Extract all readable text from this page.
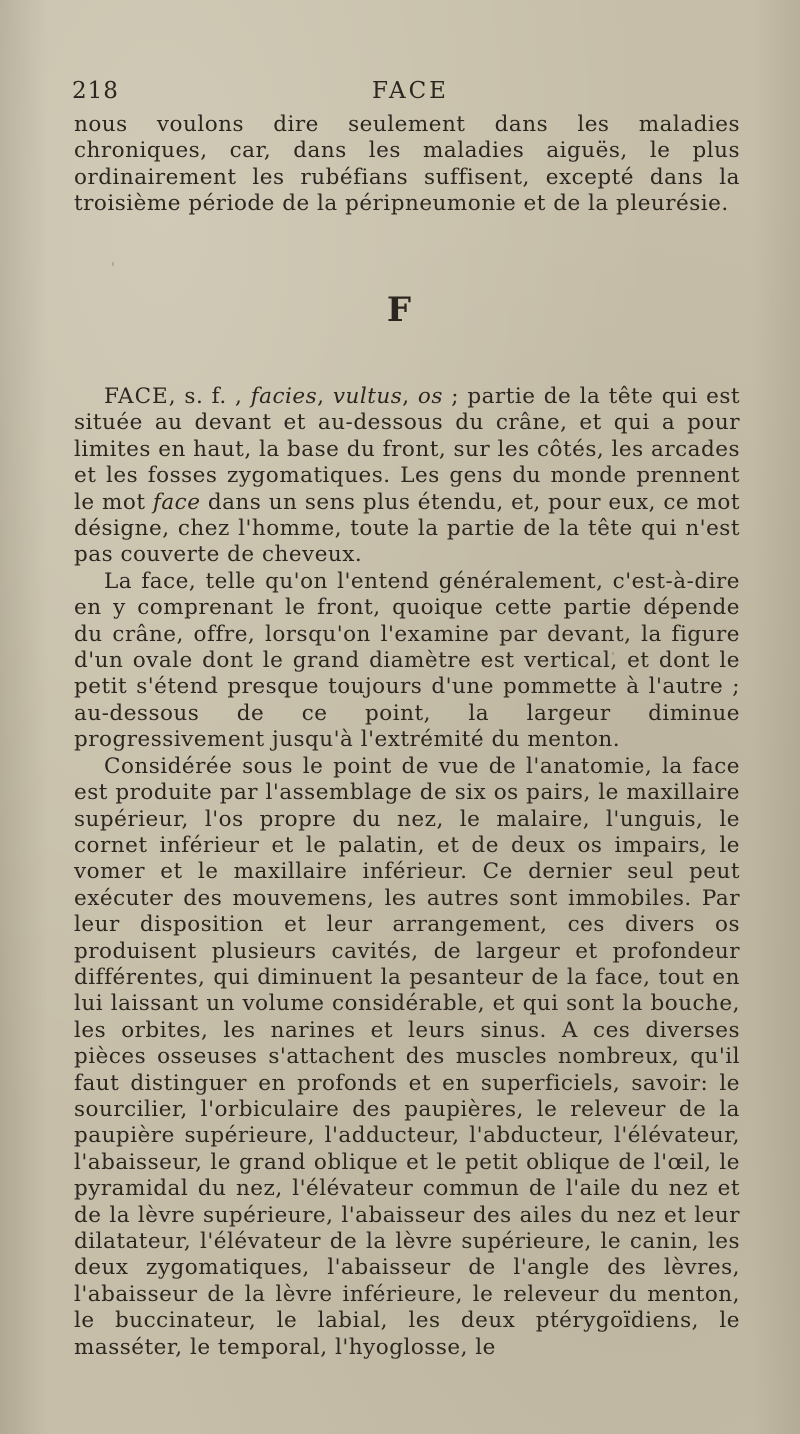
218	FACE

nous voulons dire seulement dans les maladies chroniques, car, dans les maladies aiguës, le plus ordinairement les rubéfians suffisent, excepté dans la troisième période de la péripneumonie et de la pleurésie.

F

FACE, s. f. , facies, vultus, os ; partie de la tête qui est située au devant et au-dessous du crâne, et qui a pour limites en haut, la base du front, sur les côtés, les arcades et les fosses zygomatiques. Les gens du monde prennent le mot face dans un sens plus étendu, et, pour eux, ce mot désigne, chez l'homme, toute la partie de la tête qui n'est pas couverte de cheveux.

La face, telle qu'on l'entend généralement, c'est-à-dire en y comprenant le front, quoique cette partie dépende du crâne, offre, lorsqu'on l'examine par devant, la figure d'un ovale dont le grand diamètre est vertical, et dont le petit s'étend presque toujours d'une pommette à l'autre ; au-dessous de ce point, la largeur diminue progressivement jusqu'à l'extrémité du menton.

Considérée sous le point de vue de l'anatomie, la face est produite par l'assemblage de six os pairs, le maxillaire supérieur, l'os propre du nez, le malaire, l'unguis, le cornet inférieur et le palatin, et de deux os impairs, le vomer et le maxillaire inférieur. Ce dernier seul peut exécuter des mouvemens, les autres sont immobiles. Par leur disposition et leur arrangement, ces divers os produisent plusieurs cavités, de largeur et profondeur différentes, qui diminuent la pesanteur de la face, tout en lui laissant un volume considérable, et qui sont la bouche, les orbites, les narines et leurs sinus. A ces diverses pièces osseuses s'attachent des muscles nombreux, qu'il faut distinguer en profonds et en superficiels, savoir: le sourcilier, l'orbiculaire des paupières, le releveur de la paupière supérieure, l'adducteur, l'abducteur, l'élévateur, l'abaisseur, le grand oblique et le petit oblique de l'œil, le pyramidal du nez, l'élévateur commun de l'aile du nez et de la lèvre supérieure, l'abaisseur des ailes du nez et leur dilatateur, l'élévateur de la lèvre supérieure, le canin, les deux zygomatiques, l'abaisseur de l'angle des lèvres, l'abaisseur de la lèvre inférieure, le releveur du menton, le buccinateur, le labial, les deux ptérygoïdiens, le masséter, le temporal, l'hyoglosse, le
